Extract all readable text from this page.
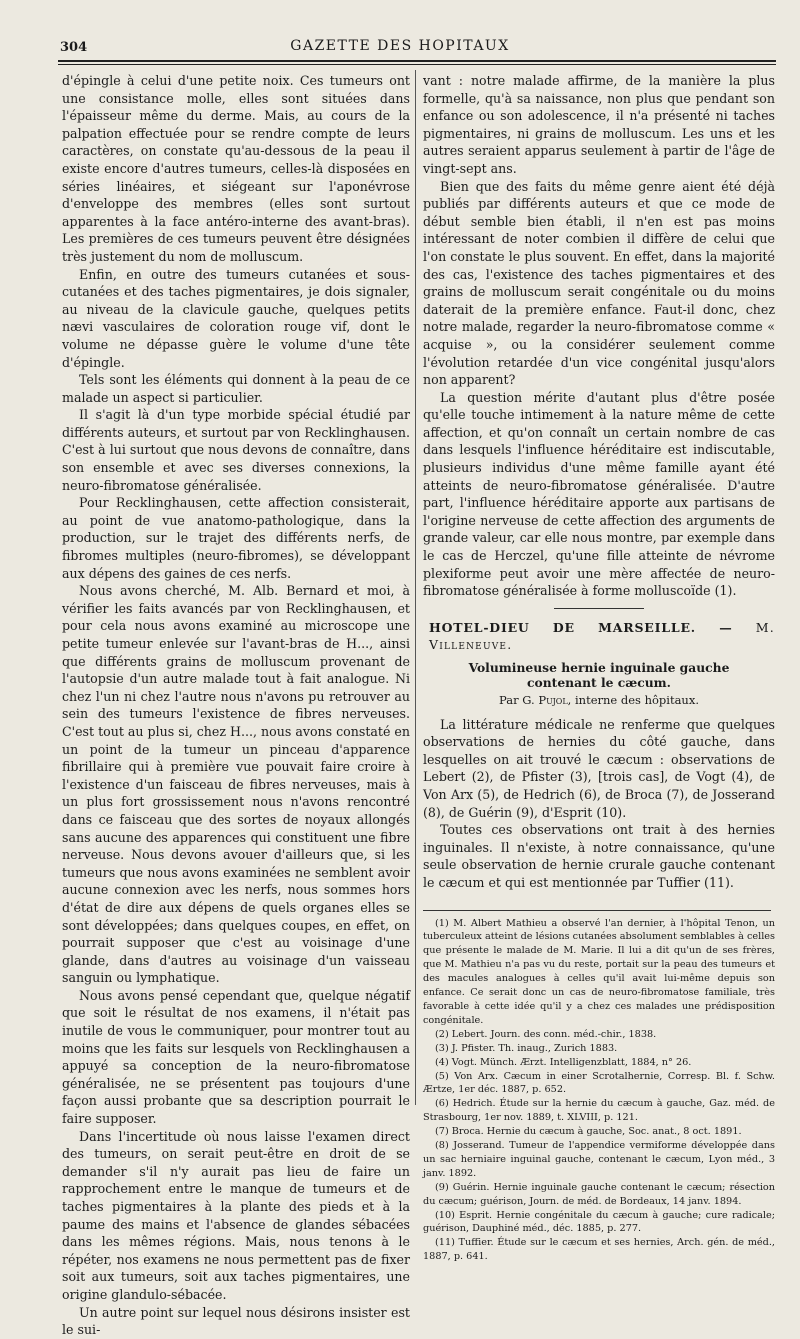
304	GAZETTE DES HOPITAUX

d'épingle à celui d'une petite noix. Ces tumeurs ont une consistance molle, elles sont situées dans l'épaisseur même du derme. Mais, au cours de la palpation effectuée pour se rendre compte de leurs caractères, on constate qu'au-dessous de la peau il existe encore d'autres tumeurs, celles-là disposées en séries linéaires, et siégeant sur l'aponévrose d'enveloppe des membres (elles sont surtout apparentes à la face antéro-interne des avant-bras). Les premières de ces tumeurs peuvent être désignées très justement du nom de molluscum.

Enfin, en outre des tumeurs cutanées et sous-cutanées et des taches pigmentaires, je dois signaler, au niveau de la clavicule gauche, quelques petits nævi vasculaires de coloration rouge vif, dont le volume ne dépasse guère le volume d'une tête d'épingle.

Tels sont les éléments qui donnent à la peau de ce malade un aspect si particulier.

Il s'agit là d'un type morbide spécial étudié par différents auteurs, et surtout par von Recklinghausen. C'est à lui surtout que nous devons de connaître, dans son ensemble et avec ses diverses connexions, la neuro-fibromatose généralisée.

Pour Recklinghausen, cette affection consisterait, au point de vue anatomo-pathologique, dans la production, sur le trajet des différents nerfs, de fibromes multiples (neuro-fibromes), se développant aux dépens des gaines de ces nerfs.

Nous avons cherché, M. Alb. Bernard et moi, à vérifier les faits avancés par von Recklinghausen, et pour cela nous avons examiné au microscope une petite tumeur enlevée sur l'avant-bras de H..., ainsi que différents grains de molluscum provenant de l'autopsie d'un autre malade tout à fait analogue. Ni chez l'un ni chez l'autre nous n'avons pu retrouver au sein des tumeurs l'existence de fibres nerveuses. C'est tout au plus si, chez H..., nous avons constaté en un point de la tumeur un pinceau d'apparence fibrillaire qui à première vue pouvait faire croire à l'existence d'un faisceau de fibres nerveuses, mais à un plus fort grossissement nous n'avons rencontré dans ce faisceau que des sortes de noyaux allongés sans aucune des apparences qui constituent une fibre nerveuse. Nous devons avouer d'ailleurs que, si les tumeurs que nous avons examinées ne semblent avoir aucune connexion avec les nerfs, nous sommes hors d'état de dire aux dépens de quels organes elles se sont développées; dans quelques coupes, en effet, on pourrait supposer que c'est au voisinage d'une glande, dans d'autres au voisinage d'un vaisseau sanguin ou lymphatique.

Nous avons pensé cependant que, quelque négatif que soit le résultat de nos examens, il n'était pas inutile de vous le communiquer, pour montrer tout au moins que les faits sur lesquels von Recklinghausen a appuyé sa conception de la neuro-fibromatose généralisée, ne se présentent pas toujours d'une façon aussi probante que sa description pourrait le faire supposer.

Dans l'incertitude où nous laisse l'examen direct des tumeurs, on serait peut-être en droit de se demander s'il n'y aurait pas lieu de faire un rapprochement entre le manque de tumeurs et de taches pigmentaires à la plante des pieds et à la paume des mains et l'absence de glandes sébacées dans les mêmes régions. Mais, nous tenons à le répéter, nos examens ne nous permettent pas de fixer soit aux tumeurs, soit aux taches pigmentaires, une origine glandulo-sébacée.

Un autre point sur lequel nous désirons insister est le sui-

vant : notre malade affirme, de la manière la plus formelle, qu'à sa naissance, non plus que pendant son enfance ou son adolescence, il n'a présenté ni taches pigmentaires, ni grains de molluscum. Les uns et les autres seraient apparus seulement à partir de l'âge de vingt-sept ans.

Bien que des faits du même genre aient été déjà publiés par différents auteurs et que ce mode de début semble bien établi, il n'en est pas moins intéressant de noter combien il diffère de celui que l'on constate le plus souvent. En effet, dans la majorité des cas, l'existence des taches pigmentaires et des grains de molluscum serait congénitale ou du moins daterait de la première enfance. Faut-il donc, chez notre malade, regarder la neuro-fibromatose comme « acquise », ou la considérer seulement comme l'évolution retardée d'un vice congénital jusqu'alors non apparent?

La question mérite d'autant plus d'être posée qu'elle touche intimement à la nature même de cette affection, et qu'on connaît un certain nombre de cas dans lesquels l'influence héréditaire est indiscutable, plusieurs individus d'une même famille ayant été atteints de neuro-fibromatose généralisée. D'autre part, l'influence héréditaire apporte aux partisans de l'origine nerveuse de cette affection des arguments de grande valeur, car elle nous montre, par exemple dans le cas de Herczel, qu'une fille atteinte de névrome plexiforme peut avoir une mère affectée de neuro-fibromatose généralisée à forme molluscoïde (1).

HOTEL-DIEU DE MARSEILLE. — M. Villeneuve.
Volumineuse hernie inguinale gauche contenant le cæcum.
Par G. Pujol, interne des hôpitaux.

La littérature médicale ne renferme que quelques observations de hernies du côté gauche, dans lesquelles on ait trouvé le cæcum : observations de Lebert (2), de Pfister (3), [trois cas], de Vogt (4), de Von Arx (5), de Hedrich (6), de Broca (7), de Josserand (8), de Guérin (9), d'Esprit (10).

Toutes ces observations ont trait à des hernies inguinales. Il n'existe, à notre connaissance, qu'une seule observation de hernie crurale gauche contenant le cæcum et qui est mentionnée par Tuffier (11).

(1) M. Albert Mathieu a observé l'an dernier, à l'hôpital Tenon, un tuberculeux atteint de lésions cutanées absolument semblables à celles que présente le malade de M. Marie. Il lui a dit qu'un de ses frères, que M. Mathieu n'a pas vu du reste, portait sur la peau des tumeurs et des macules analogues à celles qu'il avait lui-même depuis son enfance. Ce serait donc un cas de neuro-fibromatose familiale, très favorable à cette idée qu'il y a chez ces malades une prédisposition congénitale.

(2) Lebert. Journ. des conn. méd.-chir., 1838.

(3) J. Pfister. Th. inaug., Zurich 1883.

(4) Vogt. Münch. Ærzt. Intelligenzblatt, 1884, n° 26.

(5) Von Arx. Cæcum in einer Scrotalhernie, Corresp. Bl. f. Schw. Ærtze, 1er déc. 1887, p. 652.

(6) Hedrich. Étude sur la hernie du cæcum à gauche, Gaz. méd. de Strasbourg, 1er nov. 1889, t. XLVIII, p. 121.

(7) Broca. Hernie du cæcum à gauche, Soc. anat., 8 oct. 1891.

(8) Josserand. Tumeur de l'appendice vermiforme développée dans un sac herniaire inguinal gauche, contenant le cæcum, Lyon méd., 3 janv. 1892.

(9) Guérin. Hernie inguinale gauche contenant le cæcum; résection du cæcum; guérison, Journ. de méd. de Bordeaux, 14 janv. 1894.

(10) Esprit. Hernie congénitale du cæcum à gauche; cure radicale; guérison, Dauphiné méd., déc. 1885, p. 277.

(11) Tuffier. Étude sur le cæcum et ses hernies, Arch. gén. de méd., 1887, p. 641.
